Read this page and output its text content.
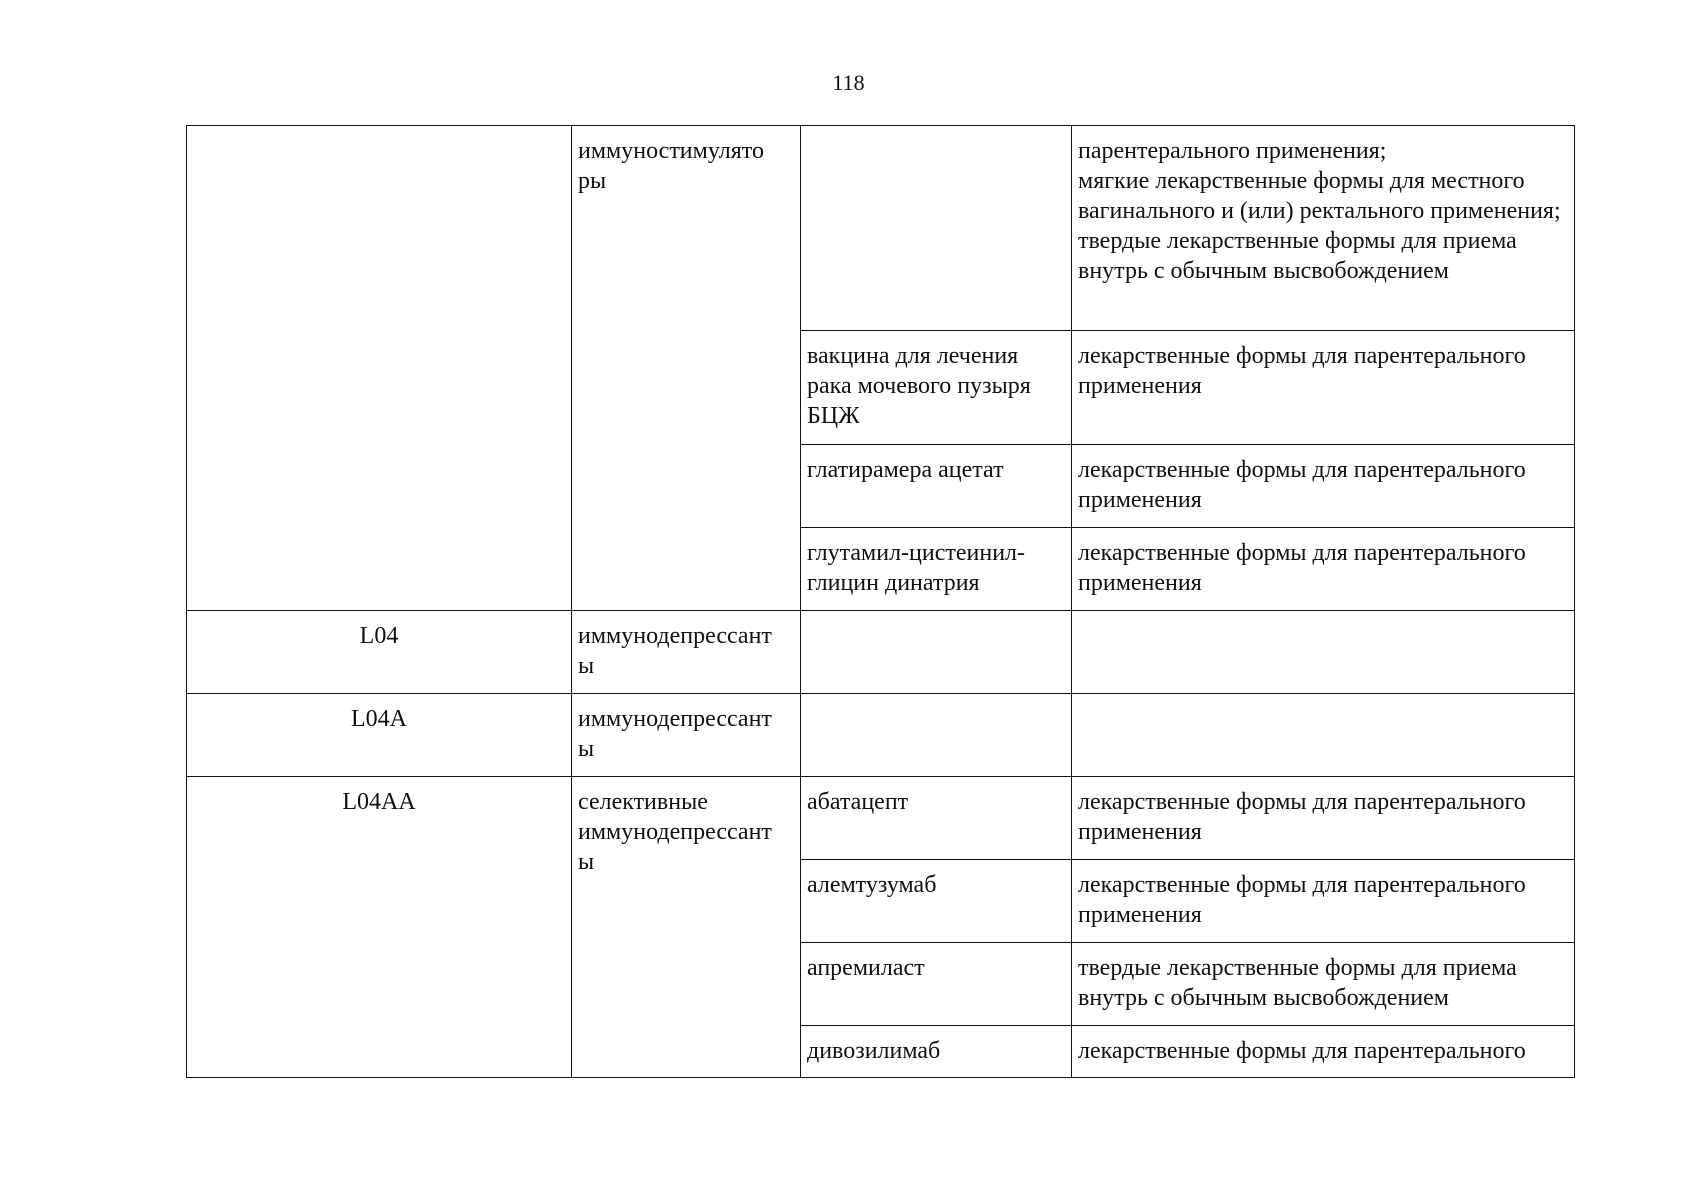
118
	иммуностимулято
ры		парентерального применения;
мягкие лекарственные формы для местного вагинального и (или) ректального применения;
твердые лекарственные формы для приема внутрь с обычным высвобождением

		вакцина для лечения рака мочевого пузыря БЦЖ	лекарственные формы для парентерального применения
		глатирамера ацетат	лекарственные формы для парентерального применения
		глутамил-цистеинил-
глицин динатрия	лекарственные формы для парентерального применения
L04	иммунодепрессант
ы		
L04A	иммунодепрессант
ы		
L04AA	селективные
иммунодепрессант
ы	абатацепт	лекарственные формы для парентерального применения
		алемтузумаб	лекарственные формы для парентерального применения
		апремиласт	твердые лекарственные формы для приема внутрь с обычным высвобождением
		дивозилимаб	лекарственные формы для парентерального
